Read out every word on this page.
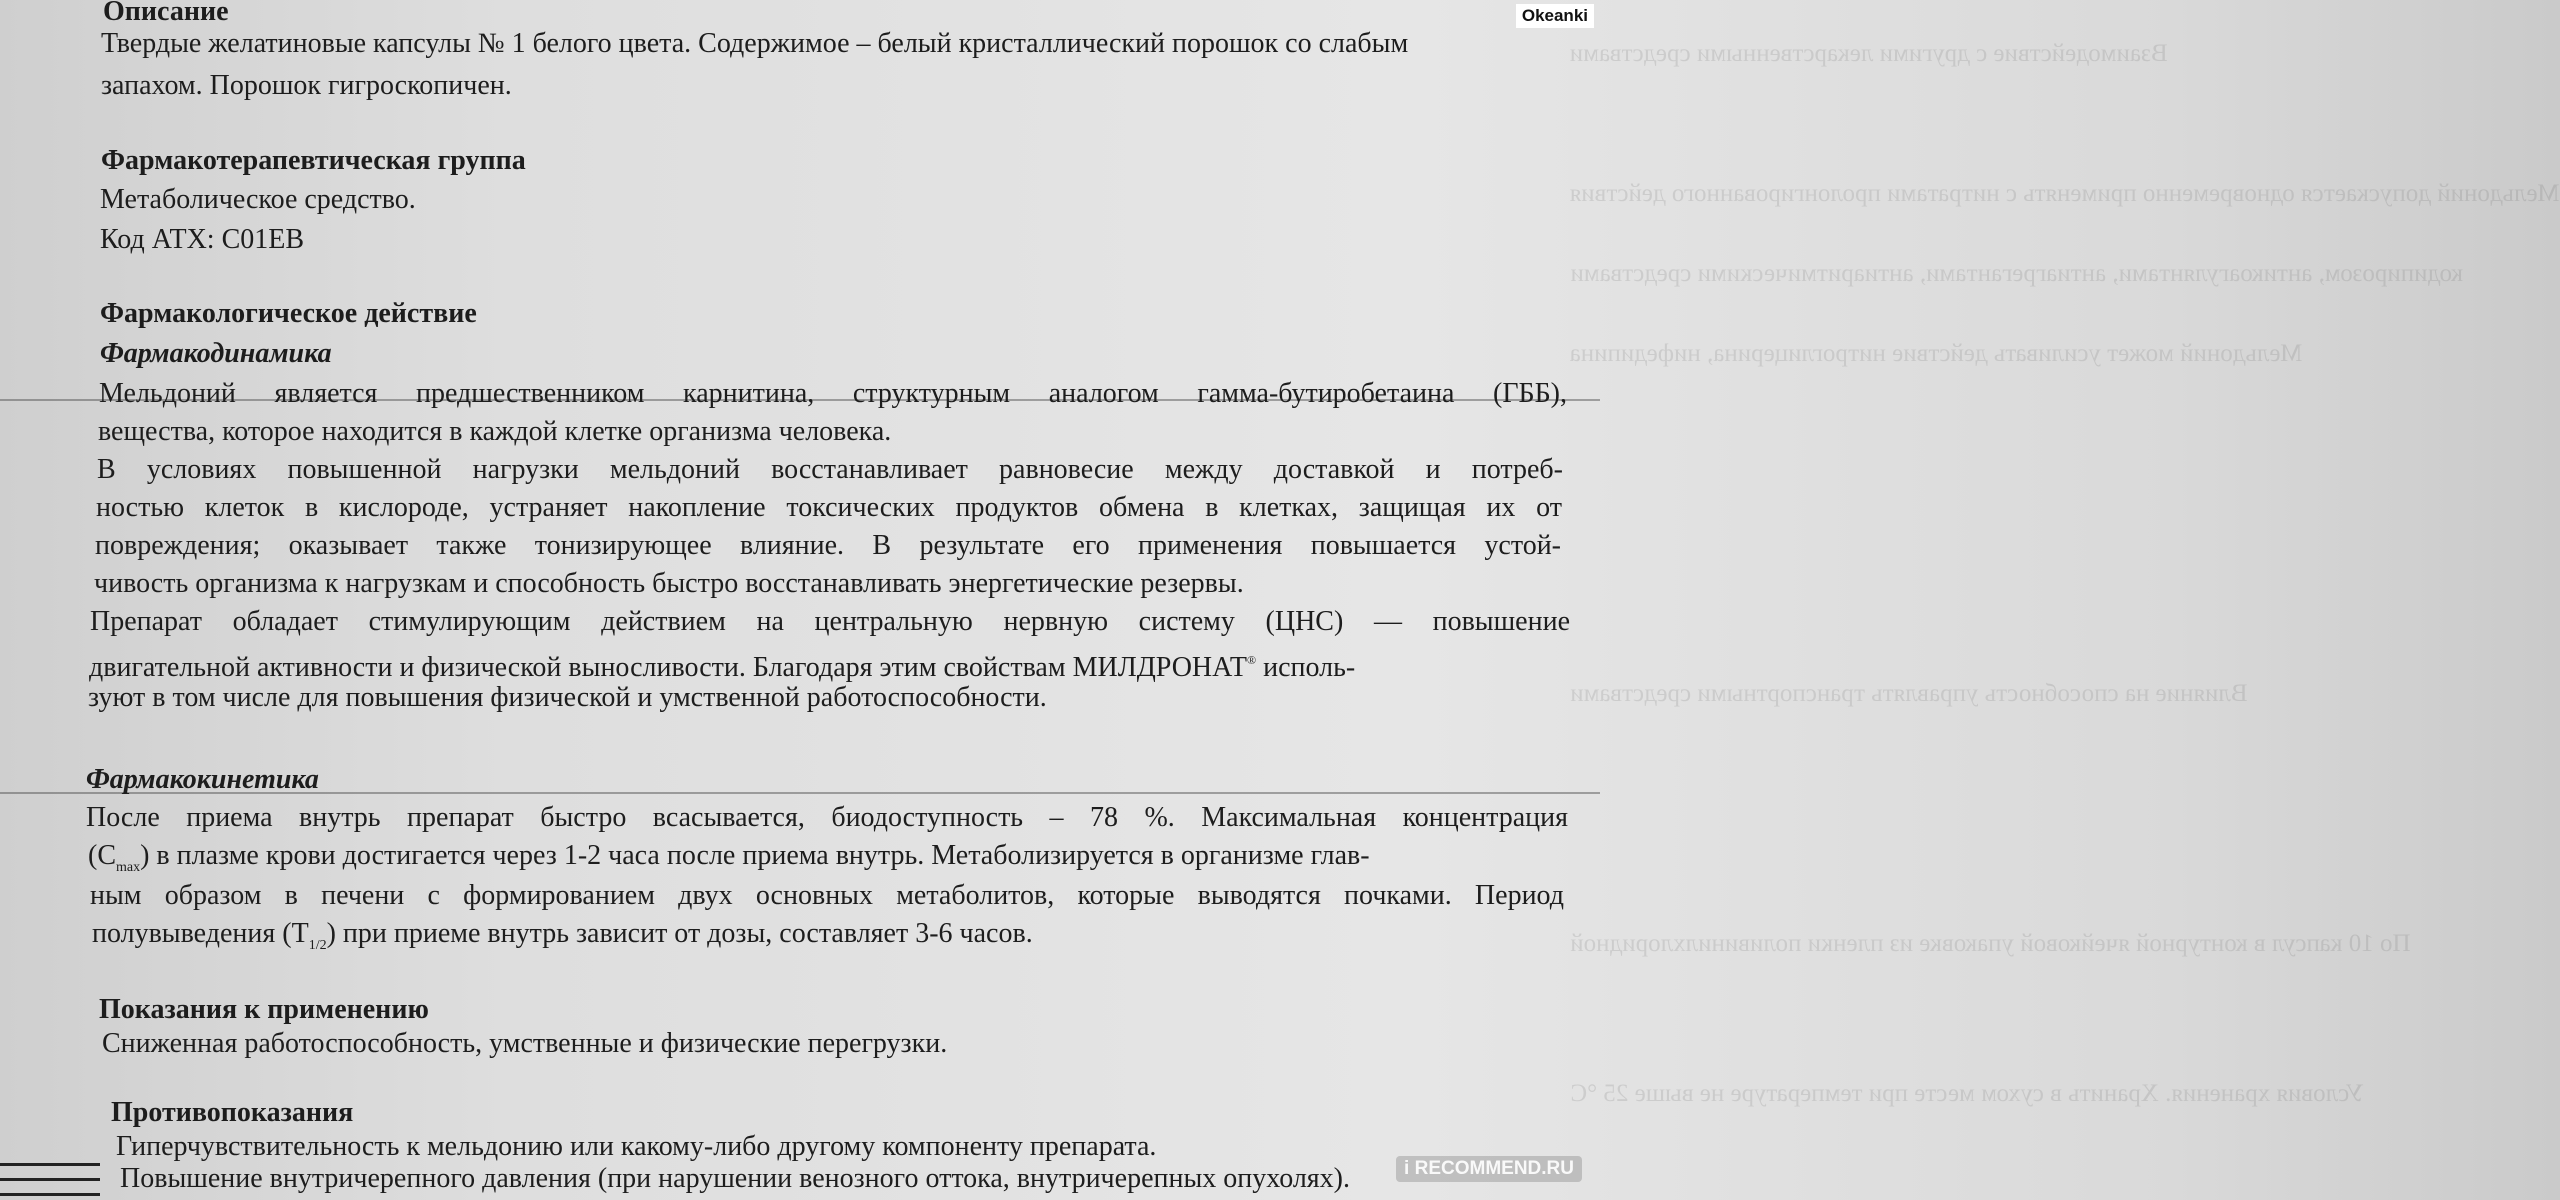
Взаимодействие с другими лекарственными средствами
Мельдоний допускается одновременно применять с нитратами пролонгированного действия
кодипирозом, антикоагулянтами, антиагрегантами, антиаритмическими средствами
Мельдоний может усиливать действие нитроглицерина, нифедипина
Влияние на способность управлять транспортными средствами
По 10 капсул в контурной ячейковой упаковке из пленки поливинилхлоридной
Условия хранения. Хранить в сухом месте при температуре не выше 25 °С
Okeanki
Описание
Твердые желатиновые капсулы № 1 белого цвета. Содержимое – белый кристаллический порошок со слабым
запахом. Порошок гигроскопичен.
Фармакотерапевтическая группа
Метаболическое средство.
Код АТХ: C01EB
Фармакологическое действие
Фармакодинамика
Мельдоний является предшественником карнитина, структурным аналогом гамма-бутиробетаина (ГББ),
вещества, которое находится в каждой клетке организма человека.
В условиях повышенной нагрузки мельдоний восстанавливает равновесие между доставкой и потреб-
ностью клеток в кислороде, устраняет накопление токсических продуктов обмена в клетках, защищая их от
повреждения; оказывает также тонизирующее влияние. В результате его применения повышается устой-
чивость организма к нагрузкам и способность быстро восстанавливать энергетические резервы.
Препарат обладает стимулирующим действием на центральную нервную систему (ЦНС) — повышение
двигательной активности и физической выносливости. Благодаря этим свойствам МИЛДРОНАТ® исполь-
зуют в том числе для повышения физической и умственной работоспособности.
Фармакокинетика
После приема внутрь препарат быстро всасывается, биодоступность – 78 %. Максимальная концентрация
$(C_{max})$ в плазме крови достигается через 1-2 часа после приема внутрь. Метаболизируется в организме глав-
ным образом в печени с формированием двух основных метаболитов, которые выводятся почками. Период
полувыведения $(T_{1/2})$ при приеме внутрь зависит от дозы, составляет 3-6 часов.
Показания к применению
Сниженная работоспособность, умственные и физические перегрузки.
Противопоказания
Гиперчувствительность к мельдонию или какому-либо другому компоненту препарата.
Повышение внутричерепного давления (при нарушении венозного оттока, внутричерепных опухолях).	i RECOMMEND.RU
